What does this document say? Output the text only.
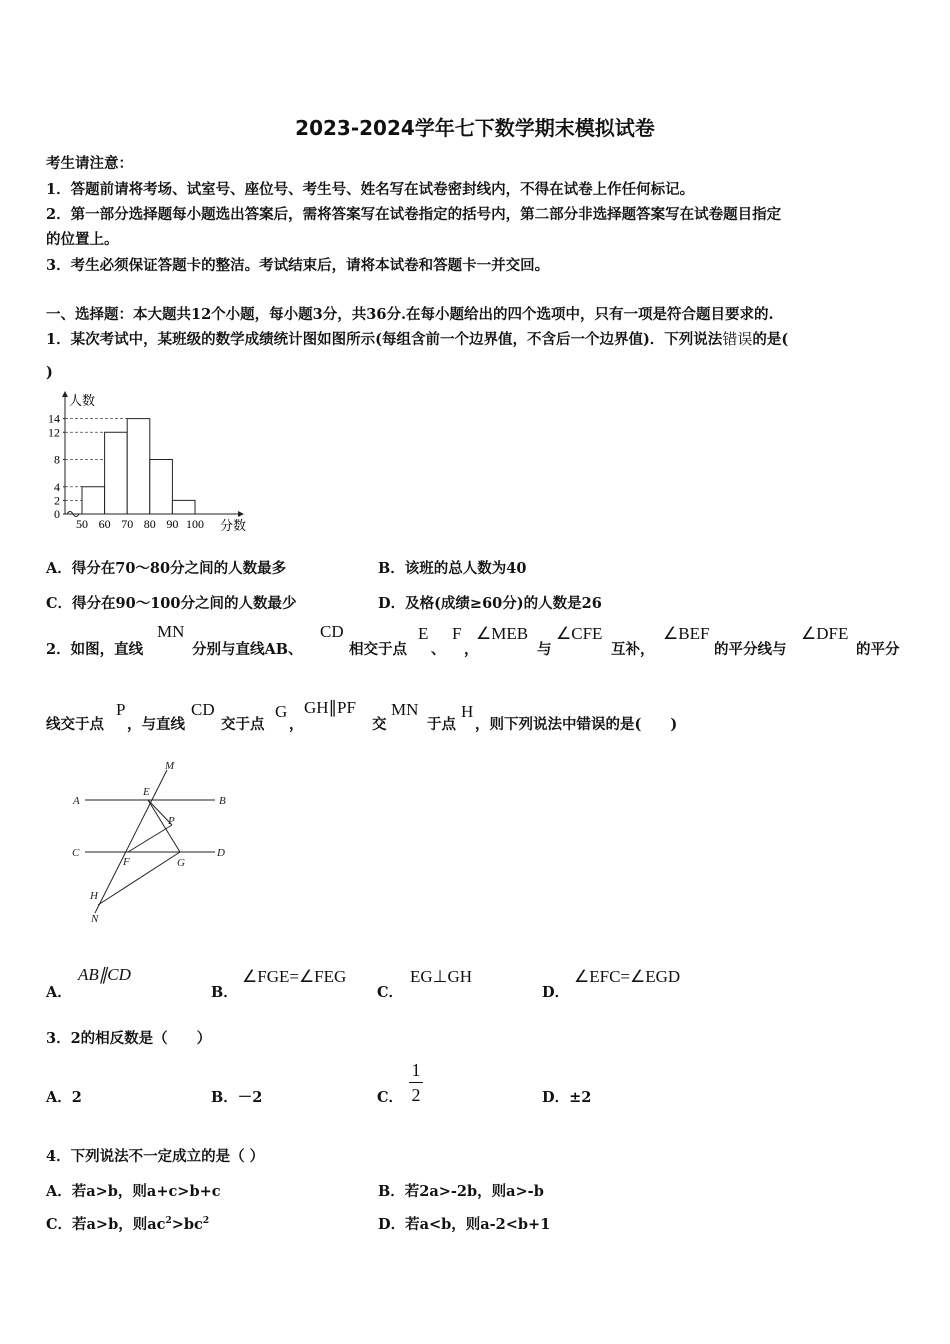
2023-2024学年七下数学期末模拟试卷
考生请注意：
1．答题前请将考场、试室号、座位号、考生号、姓名写在试卷密封线内，不得在试卷上作任何标记。
2．第一部分选择题每小题选出答案后，需将答案写在试卷指定的括号内，第二部分非选择题答案写在试卷题目指定
的位置上。
3．考生必须保证答题卡的整洁。考试结束后，请将本试卷和答题卡一并交回。
一、选择题：本大题共12个小题，每小题3分，共36分.在每小题给出的四个选项中，只有一项是符合题目要求的.
1．某次考试中，某班级的数学成绩统计图如图所示(每组含前一个边界值，不含后一个边界值)．下列说法错误的是(
)
0
2
4
8
12
14
50 60 70 80 90 100
人数
分数
A．得分在70～80分之间的人数最多	B．该班的总人数为40
C．得分在90～100分之间的人数最少	D．及格(成绩≥60分)的人数是26
2．如图，直线
MN
分别与直线AB、
CD
相交于点
E
、
F
，
∠MEB
与
∠CFE
互补，
∠BEF
的平分线与
∠DFE
的平分
线交于点
P
，与直线
CD
交于点
G
，
GH∥PF
交
MN
于点
H
，则下列说法中错误的是(　　)
M
A
E
B
P
C
F	G
D
H
N
A．
AB∥CD
B．
∠FGE=∠FEG
C．
EG⊥GH
D．
∠EFC=∠EGD
3．2的相反数是（　　）
A．2	B．－2	C．
1
2	D．±2
4．下列说法不一定成立的是（ ）
A．若a>b，则a+c>b+c	B．若2a>-2b，则a>-b
C．若a>b，则$ac^2>bc^2$	D．若a<b，则a-2<b+1
